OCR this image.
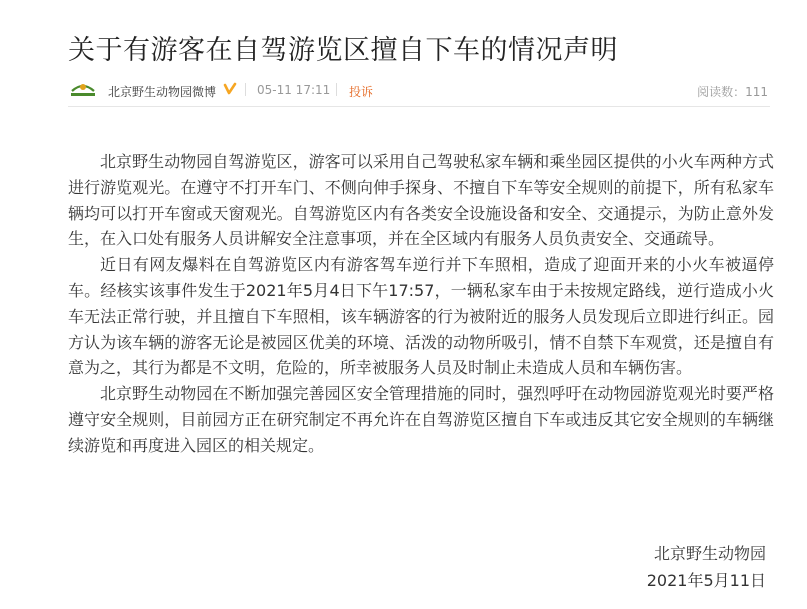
关于有游客在自驾游览区擅自下车的情况声明
北京野生动物园微博	05-11 17:11 投诉	阅读数：111

北京野生动物园自驾游览区，游客可以采用自己驾驶私家车辆和乘坐园区提供的小火车两种方式进行游览观光。在遵守不打开车门、不侧向伸手探身、不擅自下车等安全规则的前提下，所有私家车辆均可以打开车窗或天窗观光。自驾游览区内有各类安全设施设备和安全、交通提示，为防止意外发生，在入口处有服务人员讲解安全注意事项，并在全区域内有服务人员负责安全、交通疏导。

近日有网友爆料在自驾游览区内有游客驾车逆行并下车照相，造成了迎面开来的小火车被逼停车。经核实该事件发生于2021年5月4日下午17:57，一辆私家车由于未按规定路线，逆行造成小火车无法正常行驶，并且擅自下车照相，该车辆游客的行为被附近的服务人员发现后立即进行纠正。园方认为该车辆的游客无论是被园区优美的环境、活泼的动物所吸引，情不自禁下车观赏，还是擅自有意为之，其行为都是不文明，危险的，所幸被服务人员及时制止未造成人员和车辆伤害。

北京野生动物园在不断加强完善园区安全管理措施的同时，强烈呼吁在动物园游览观光时要严格遵守安全规则，目前园方正在研究制定不再允许在自驾游览区擅自下车或违反其它安全规则的车辆继续游览和再度进入园区的相关规定。

北京野生动物园
2021年5月11日
